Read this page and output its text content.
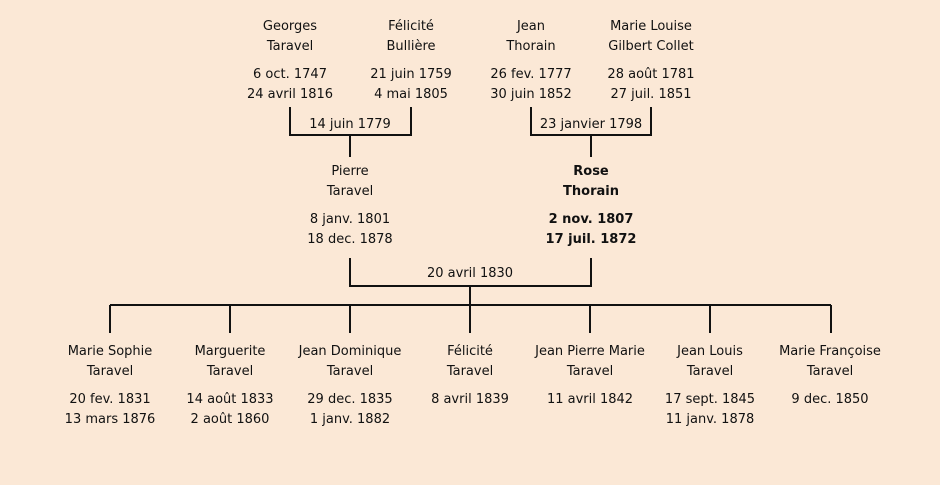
Georges
Taravel
6 oct. 1747
24 avril 1816
Félicité
Bullière
21 juin 1759
4 mai 1805
Jean
Thorain
26 fev. 1777
30 juin 1852
Marie Louise
Gilbert Collet
28 août 1781
27 juil. 1851
14 juin 1779	23 janvier 1798
20 avril 1830
Pierre
Taravel
8 janv. 1801
18 dec. 1878
Rose
Thorain
2 nov. 1807
17 juil. 1872
Marie Sophie
Taravel
20 fev. 1831
13 mars 1876
Marguerite
Taravel
14 août 1833
2 août 1860
Jean Dominique
Taravel
29 dec. 1835
1 janv. 1882
Félicité
Taravel
8 avril 1839
Jean Pierre Marie
Taravel
11 avril 1842
Jean Louis
Taravel
17 sept. 1845
11 janv. 1878
Marie Françoise
Taravel
9 dec. 1850
